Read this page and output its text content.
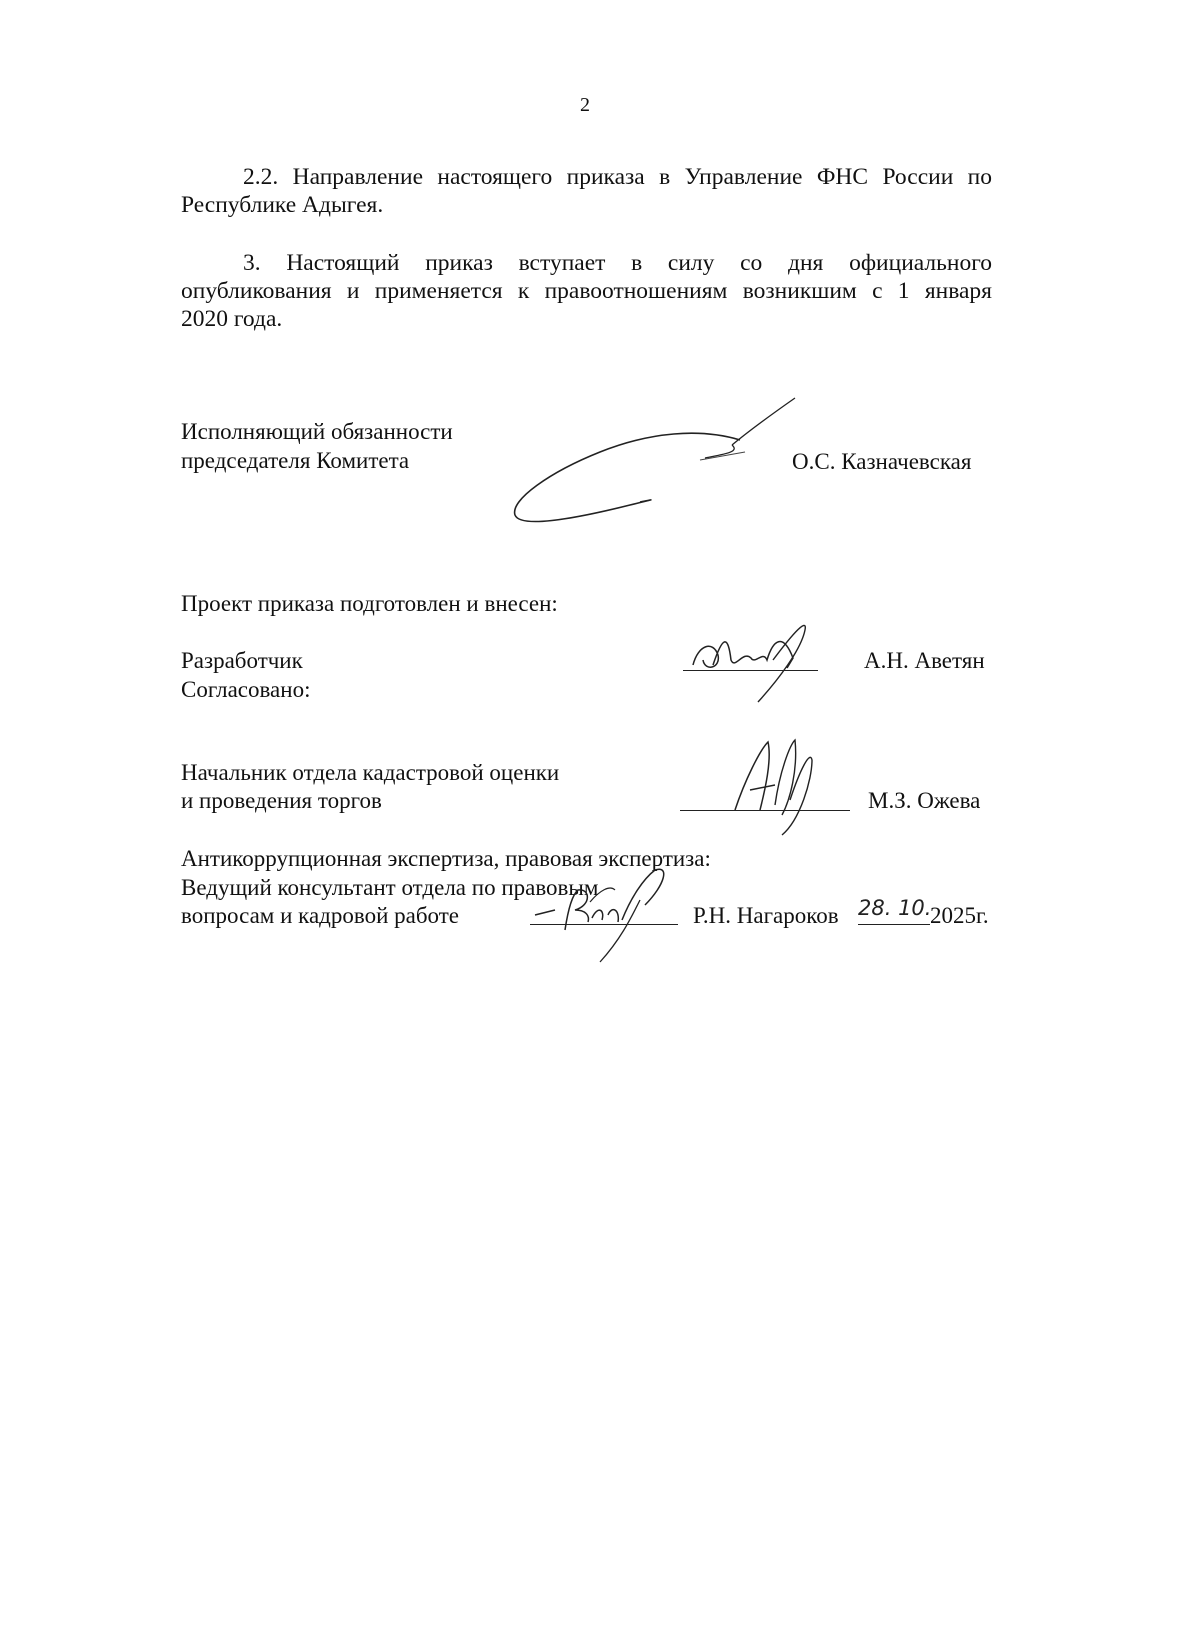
2
2.2. Направление настоящего приказа в Управление ФНС России по
Республике Адыгея.
3. Настоящий приказ вступает в силу со дня официального
опубликования и применяется к правоотношениям возникшим с 1 января
2020 года.
Исполняющий обязанности
председателя Комитета	О.С. Казначевская
Проект приказа подготовлен и внесен:
Разработчик
Согласовано:
А.Н. Аветян
Начальник отдела кадастровой оценки
и проведения торгов	М.З. Ожева
Антикоррупционная экспертиза, правовая экспертиза:
Ведущий консультант отдела по правовым
вопросам и кадровой работе	Р.Н. Нагароков 28. 10.
2025г.
